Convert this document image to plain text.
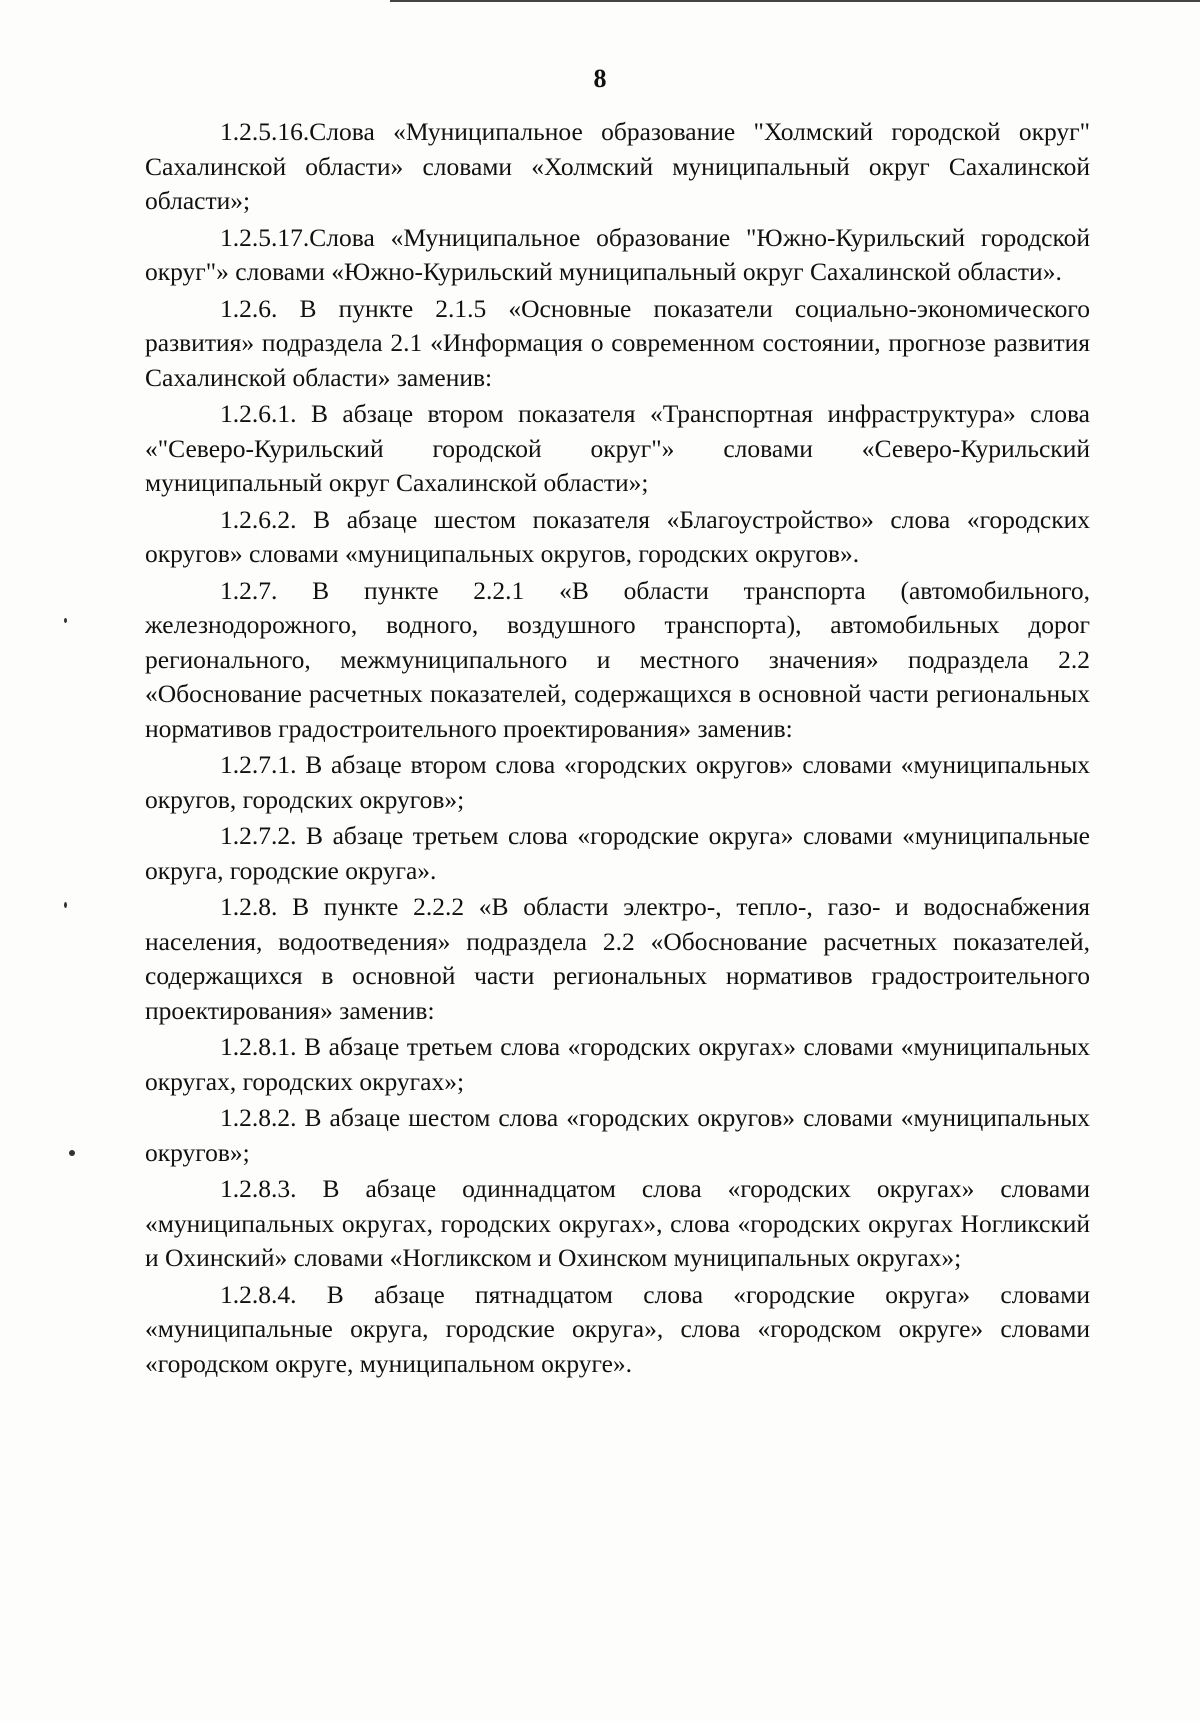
8

1.2.5.16.Слова «Муниципальное образование "Холмский городской округ" Сахалинской области» словами «Холмский муниципальный округ Сахалинской области»;

1.2.5.17.Слова «Муниципальное образование "Южно-Курильский городской округ"» словами «Южно-Курильский муниципальный округ Сахалинской области».

1.2.6. В пункте 2.1.5 «Основные показатели социально-экономического развития» подраздела 2.1 «Информация о современном состоянии, прогнозе развития Сахалинской области» заменив:

1.2.6.1. В абзаце втором показателя «Транспортная инфраструктура» слова «"Северо-Курильский городской округ"» словами «Северо-Курильский муниципальный округ Сахалинской области»;

1.2.6.2. В абзаце шестом показателя «Благоустройство» слова «городских округов» словами «муниципальных округов, городских округов».

1.2.7. В пункте 2.2.1 «В области транспорта (автомобильного, железнодорожного, водного, воздушного транспорта), автомобильных дорог регионального, межмуниципального и местного значения» подраздела 2.2 «Обоснование расчетных показателей, содержащихся в основной части региональных нормативов градостроительного проектирования» заменив:

1.2.7.1. В абзаце втором слова «городских округов» словами «муниципальных округов, городских округов»;

1.2.7.2. В абзаце третьем слова «городские округа» словами «муниципальные округа, городские округа».

1.2.8. В пункте 2.2.2 «В области электро-, тепло-, газо- и водоснабжения населения, водоотведения» подраздела 2.2 «Обоснование расчетных показателей, содержащихся в основной части региональных нормативов градостроительного проектирования» заменив:

1.2.8.1. В абзаце третьем слова «городских округах» словами «муниципальных округах, городских округах»;

1.2.8.2. В абзаце шестом слова «городских округов» словами «муниципальных округов»;

1.2.8.3. В абзаце одиннадцатом слова «городских округах» словами «муниципальных округах, городских округах», слова «городских округах Ногликский и Охинский» словами «Ногликском и Охинском муниципальных округах»;

1.2.8.4. В абзаце пятнадцатом слова «городские округа» словами «муниципальные округа, городские округа», слова «городском округе» словами «городском округе, муниципальном округе».
